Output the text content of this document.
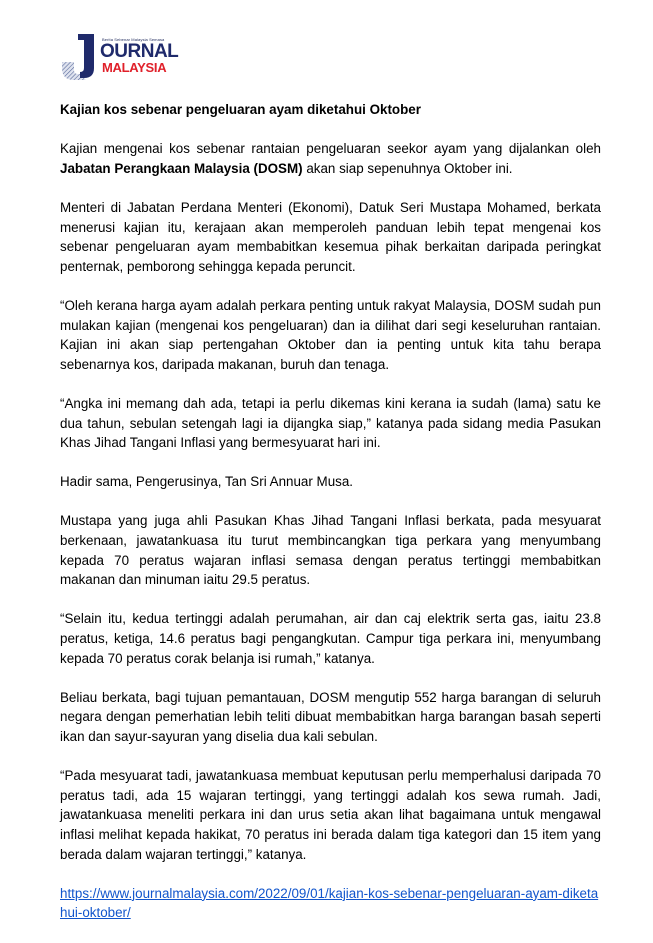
Berita Sebenar Malaysia Semasa
OURNAL
MALAYSIA
Kajian kos sebenar pengeluaran ayam diketahui Oktober

Kajian mengenai kos sebenar rantaian pengeluaran seekor ayam yang dijalankan oleh Jabatan Perangkaan Malaysia (DOSM) akan siap sepenuhnya Oktober ini.

Menteri di Jabatan Perdana Menteri (Ekonomi), Datuk Seri Mustapa Mohamed, berkata menerusi kajian itu, kerajaan akan memperoleh panduan lebih tepat mengenai kos sebenar pengeluaran ayam membabitkan kesemua pihak berkaitan daripada peringkat penternak, pemborong sehingga kepada peruncit.

“Oleh kerana harga ayam adalah perkara penting untuk rakyat Malaysia, DOSM sudah pun mulakan kajian (mengenai kos pengeluaran) dan ia dilihat dari segi keseluruhan rantaian. Kajian ini akan siap pertengahan Oktober dan ia penting untuk kita tahu berapa sebenarnya kos, daripada makanan, buruh dan tenaga.

“Angka ini memang dah ada, tetapi ia perlu dikemas kini kerana ia sudah (lama) satu ke dua tahun, sebulan setengah lagi ia dijangka siap,” katanya pada sidang media Pasukan Khas Jihad Tangani Inflasi yang bermesyuarat hari ini.

Hadir sama, Pengerusinya, Tan Sri Annuar Musa.

Mustapa yang juga ahli Pasukan Khas Jihad Tangani Inflasi berkata, pada mesyuarat berkenaan, jawatankuasa itu turut membincangkan tiga perkara yang menyumbang kepada 70 peratus wajaran inflasi semasa dengan peratus tertinggi membabitkan makanan dan minuman iaitu 29.5 peratus.

“Selain itu, kedua tertinggi adalah perumahan, air dan caj elektrik serta gas, iaitu 23.8 peratus, ketiga, 14.6 peratus bagi pengangkutan. Campur tiga perkara ini, menyumbang kepada 70 peratus corak belanja isi rumah,” katanya.

Beliau berkata, bagi tujuan pemantauan, DOSM mengutip 552 harga barangan di seluruh negara dengan pemerhatian lebih teliti dibuat membabitkan harga barangan basah seperti ikan dan sayur-sayuran yang diselia dua kali sebulan.

“Pada mesyuarat tadi, jawatankuasa membuat keputusan perlu memperhalusi daripada 70 peratus tadi, ada 15 wajaran tertinggi, yang tertinggi adalah kos sewa rumah. Jadi, jawatankuasa meneliti perkara ini dan urus setia akan lihat bagaimana untuk mengawal inflasi melihat kepada hakikat, 70 peratus ini berada dalam tiga kategori dan 15 item yang berada dalam wajaran tertinggi,” katanya.

https://www.journalmalaysia.com/2022/09/01/kajian-kos-sebenar-pengeluaran-ayam-diketahui-oktober/
